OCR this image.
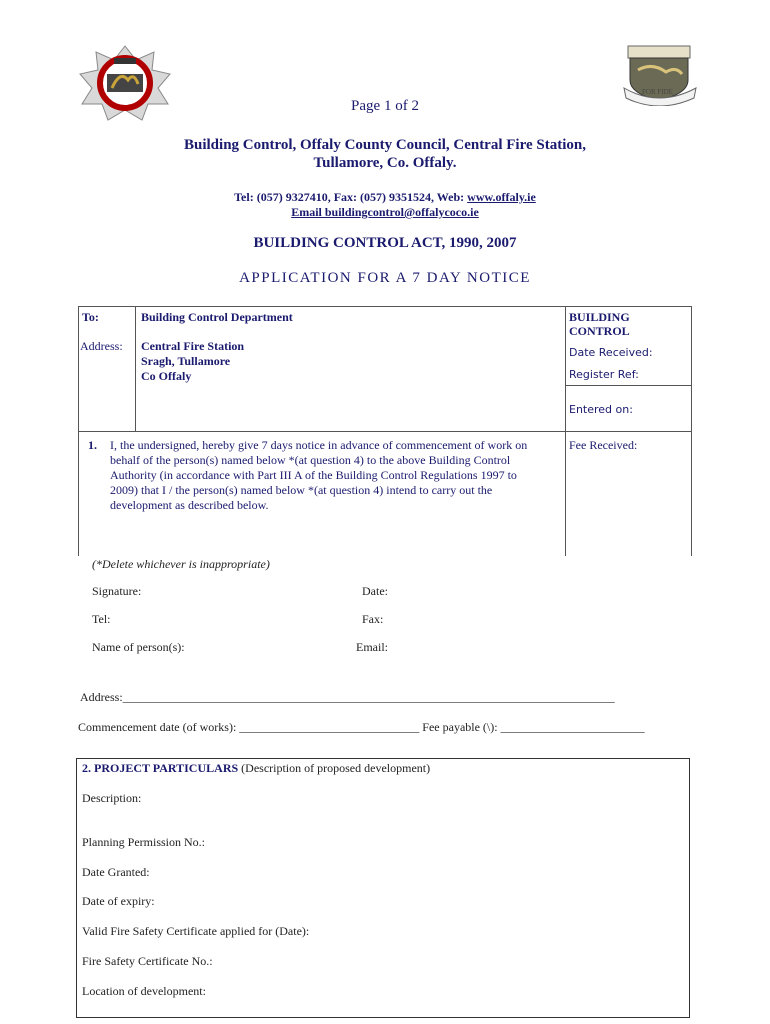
FOR FIDE
Page 1 of 2
Building Control, Offaly County Council, Central Fire Station,
Tullamore, Co. Offaly.
Tel: (057) 9327410, Fax: (057) 9351524, Web: www.offaly.ie
Email buildingcontrol@offalycoco.ie
BUILDING CONTROL ACT, 1990, 2007
APPLICATION FOR A 7 DAY NOTICE
To:	Building Control Department
Address: Central Fire Station
Sragh, Tullamore
Co Offaly
BUILDING
CONTROL
Date Received:
Register Ref:
Entered on:
Fee Received:
1. I, the undersigned, hereby give 7 days notice in advance of commencement of work on
behalf of the person(s) named below *(at question 4) to the above Building Control
Authority (in accordance with Part III A of the Building Control Regulations 1997 to
2009) that I / the person(s) named below *(at question 4) intend to carry out the
development as described below.
(*Delete whichever is inappropriate)
Signature:	Date:
Tel:	Fax:
Name of person(s):	Email:
Address:__________________________________________________________________________________
Commencement date (of works): ______________________________ Fee payable (\): ________________________
2. PROJECT PARTICULARS (Description of proposed development)
Description:
Planning Permission No.:
Date Granted:
Date of expiry:
Valid Fire Safety Certificate applied for (Date):
Fire Safety Certificate No.:
Location of development:
